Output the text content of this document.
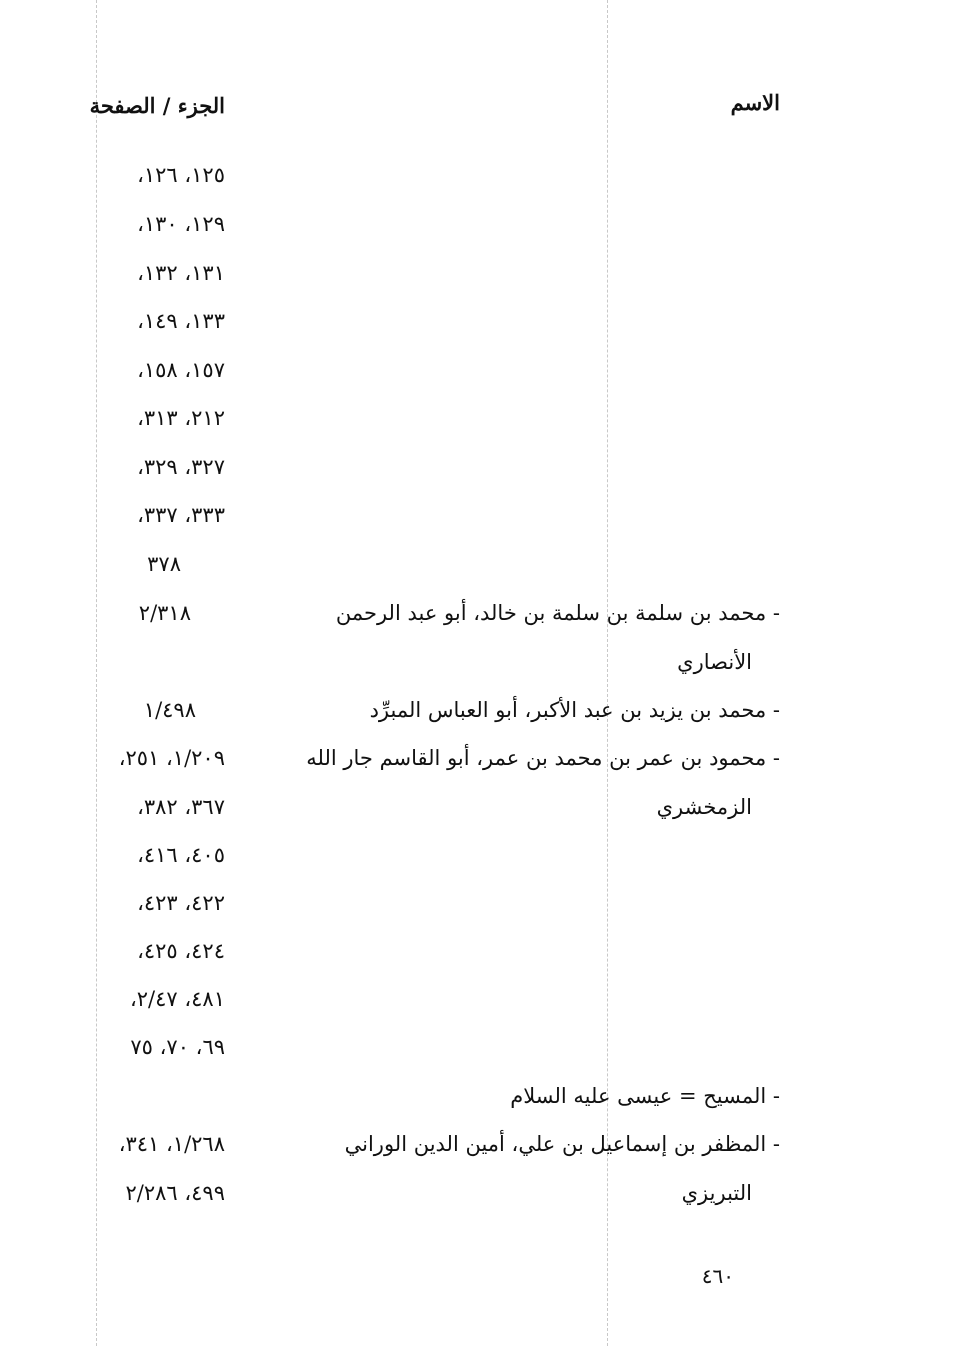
الاسم
الجزء / الصفحة
١٢٥، ١٢٦،
١٢٩، ١٣٠،
١٣١، ١٣٢،
١٣٣، ١٤٩،
١٥٧، ١٥٨،
٢١٢، ٣١٣،
٣٢٧، ٣٢٩،
٣٣٣، ٣٣٧،
٣٧٨
- محمد بن سلمة بن سلمة بن خالد، أبو عبد الرحمن
٢/٣١٨
الأنصاري
- محمد بن يزيد بن عبد الأكبر، أبو العباس المبرِّد
١/٤٩٨
- محمود بن عمر بن محمد بن عمر، أبو القاسم جار الله
١/٢٠٩، ٢٥١،
الزمخشري
٣٦٧، ٣٨٢،
٤٠٥، ٤١٦،
٤٢٢، ٤٢٣،
٤٢٤، ٤٢٥،
٤٨١، ٢/٤٧،
٦٩، ٧٠، ٧٥
- المسيح = عيسى عليه السلام
- المظفر بن إسماعيل بن علي، أمين الدين الوراني
١/٢٦٨، ٣٤١،
التبريزي
٤٩٩، ٢/٢٨٦
٤٦٠
